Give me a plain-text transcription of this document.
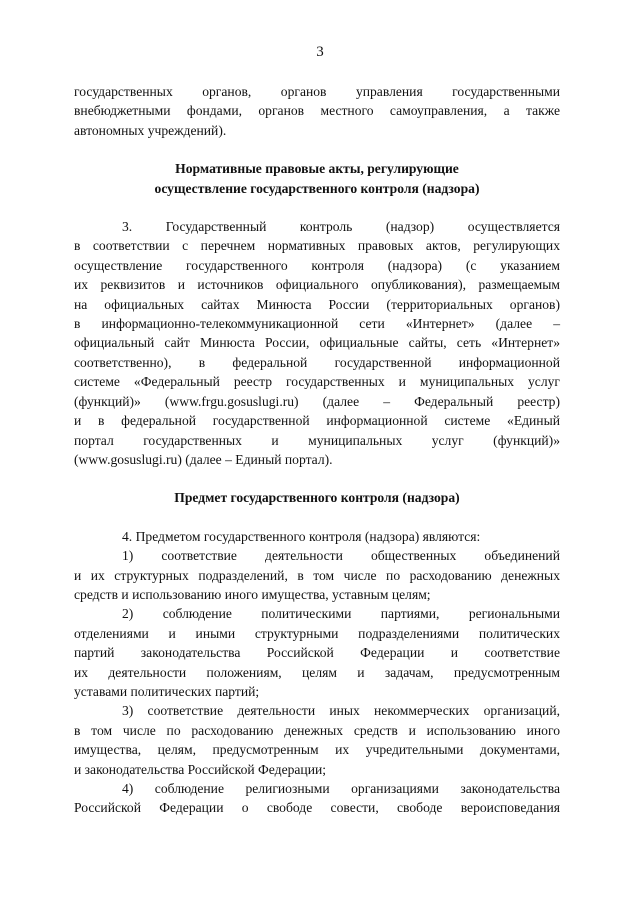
3
государственных органов, органов управления государственными
внебюджетными фондами, органов местного самоуправления, а также
автономных учреждений).
Нормативные правовые акты, регулирующие
осуществление государственного контроля (надзора)
3. Государственный контроль (надзор) осуществляется
в соответствии с перечнем нормативных правовых актов, регулирующих
осуществление государственного контроля (надзора) (с указанием
их реквизитов и источников официального опубликования), размещаемым
на официальных сайтах Минюста России (территориальных органов)
в информационно-телекоммуникационной сети «Интернет» (далее –
официальный сайт Минюста России, официальные сайты, сеть «Интернет»
соответственно), в федеральной государственной информационной
системе «Федеральный реестр государственных и муниципальных услуг
(функций)» (www.frgu.gosuslugi.ru) (далее – Федеральный реестр)
и в федеральной государственной информационной системе «Единый
портал государственных и муниципальных услуг (функций)»
(www.gosuslugi.ru) (далее – Единый портал).
Предмет государственного контроля (надзора)
4. Предметом государственного контроля (надзора) являются:
1) соответствие деятельности общественных объединений
и их структурных подразделений, в том числе по расходованию денежных
средств и использованию иного имущества, уставным целям;
2) соблюдение политическими партиями, региональными
отделениями и иными структурными подразделениями политических
партий законодательства Российской Федерации и соответствие
их деятельности положениям, целям и задачам, предусмотренным
уставами политических партий;
3) соответствие деятельности иных некоммерческих организаций,
в том числе по расходованию денежных средств и использованию иного
имущества, целям, предусмотренным их учредительными документами,
и законодательства Российской Федерации;
4) соблюдение религиозными организациями законодательства
Российской Федерации о свободе совести, свободе вероисповедания
